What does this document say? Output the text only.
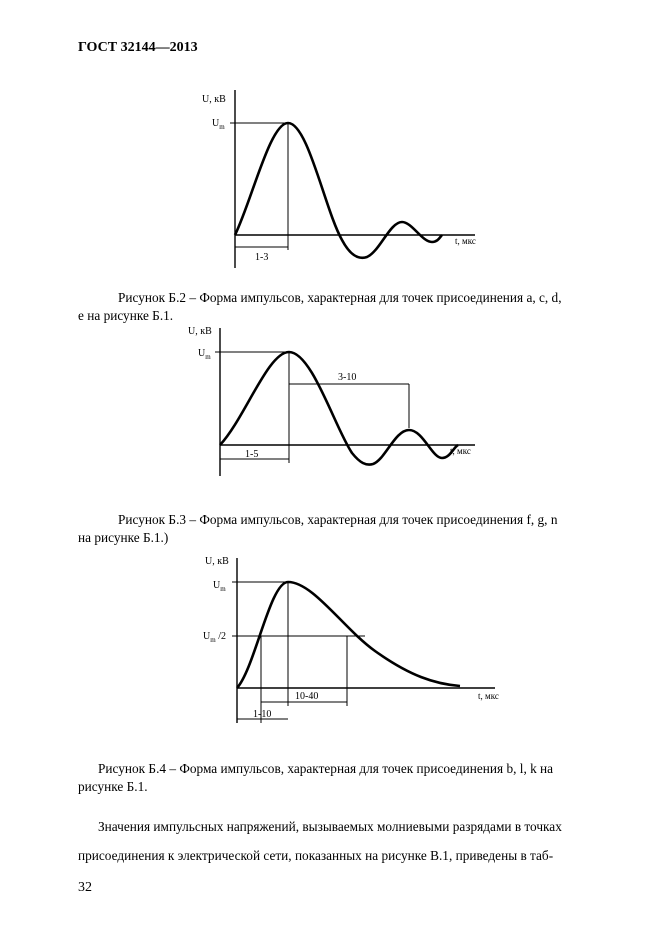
ГОСТ 32144—2013
U, кВ
$U_m$
t, мкс
1-3
Рисунок Б.2 – Форма импульсов, характерная для точек присоединения a, c, d,
e на рисунке Б.1.
U, кВ
$U_m$
t, мкс
1-5
3-10
Рисунок Б.3 – Форма импульсов, характерная для точек присоединения f, g, n
на рисунке Б.1.)
U, кВ
$U_m$
$U_m$ /2
t, мкс
10-40
1-10
Рисунок Б.4 – Форма импульсов, характерная для точек присоединения b, l, k на
рисунке Б.1.
Значения импульсных напряжений, вызываемых молниевыми разрядами в точках
присоединения к электрической сети, показанных на рисунке В.1, приведены в таб-
32
